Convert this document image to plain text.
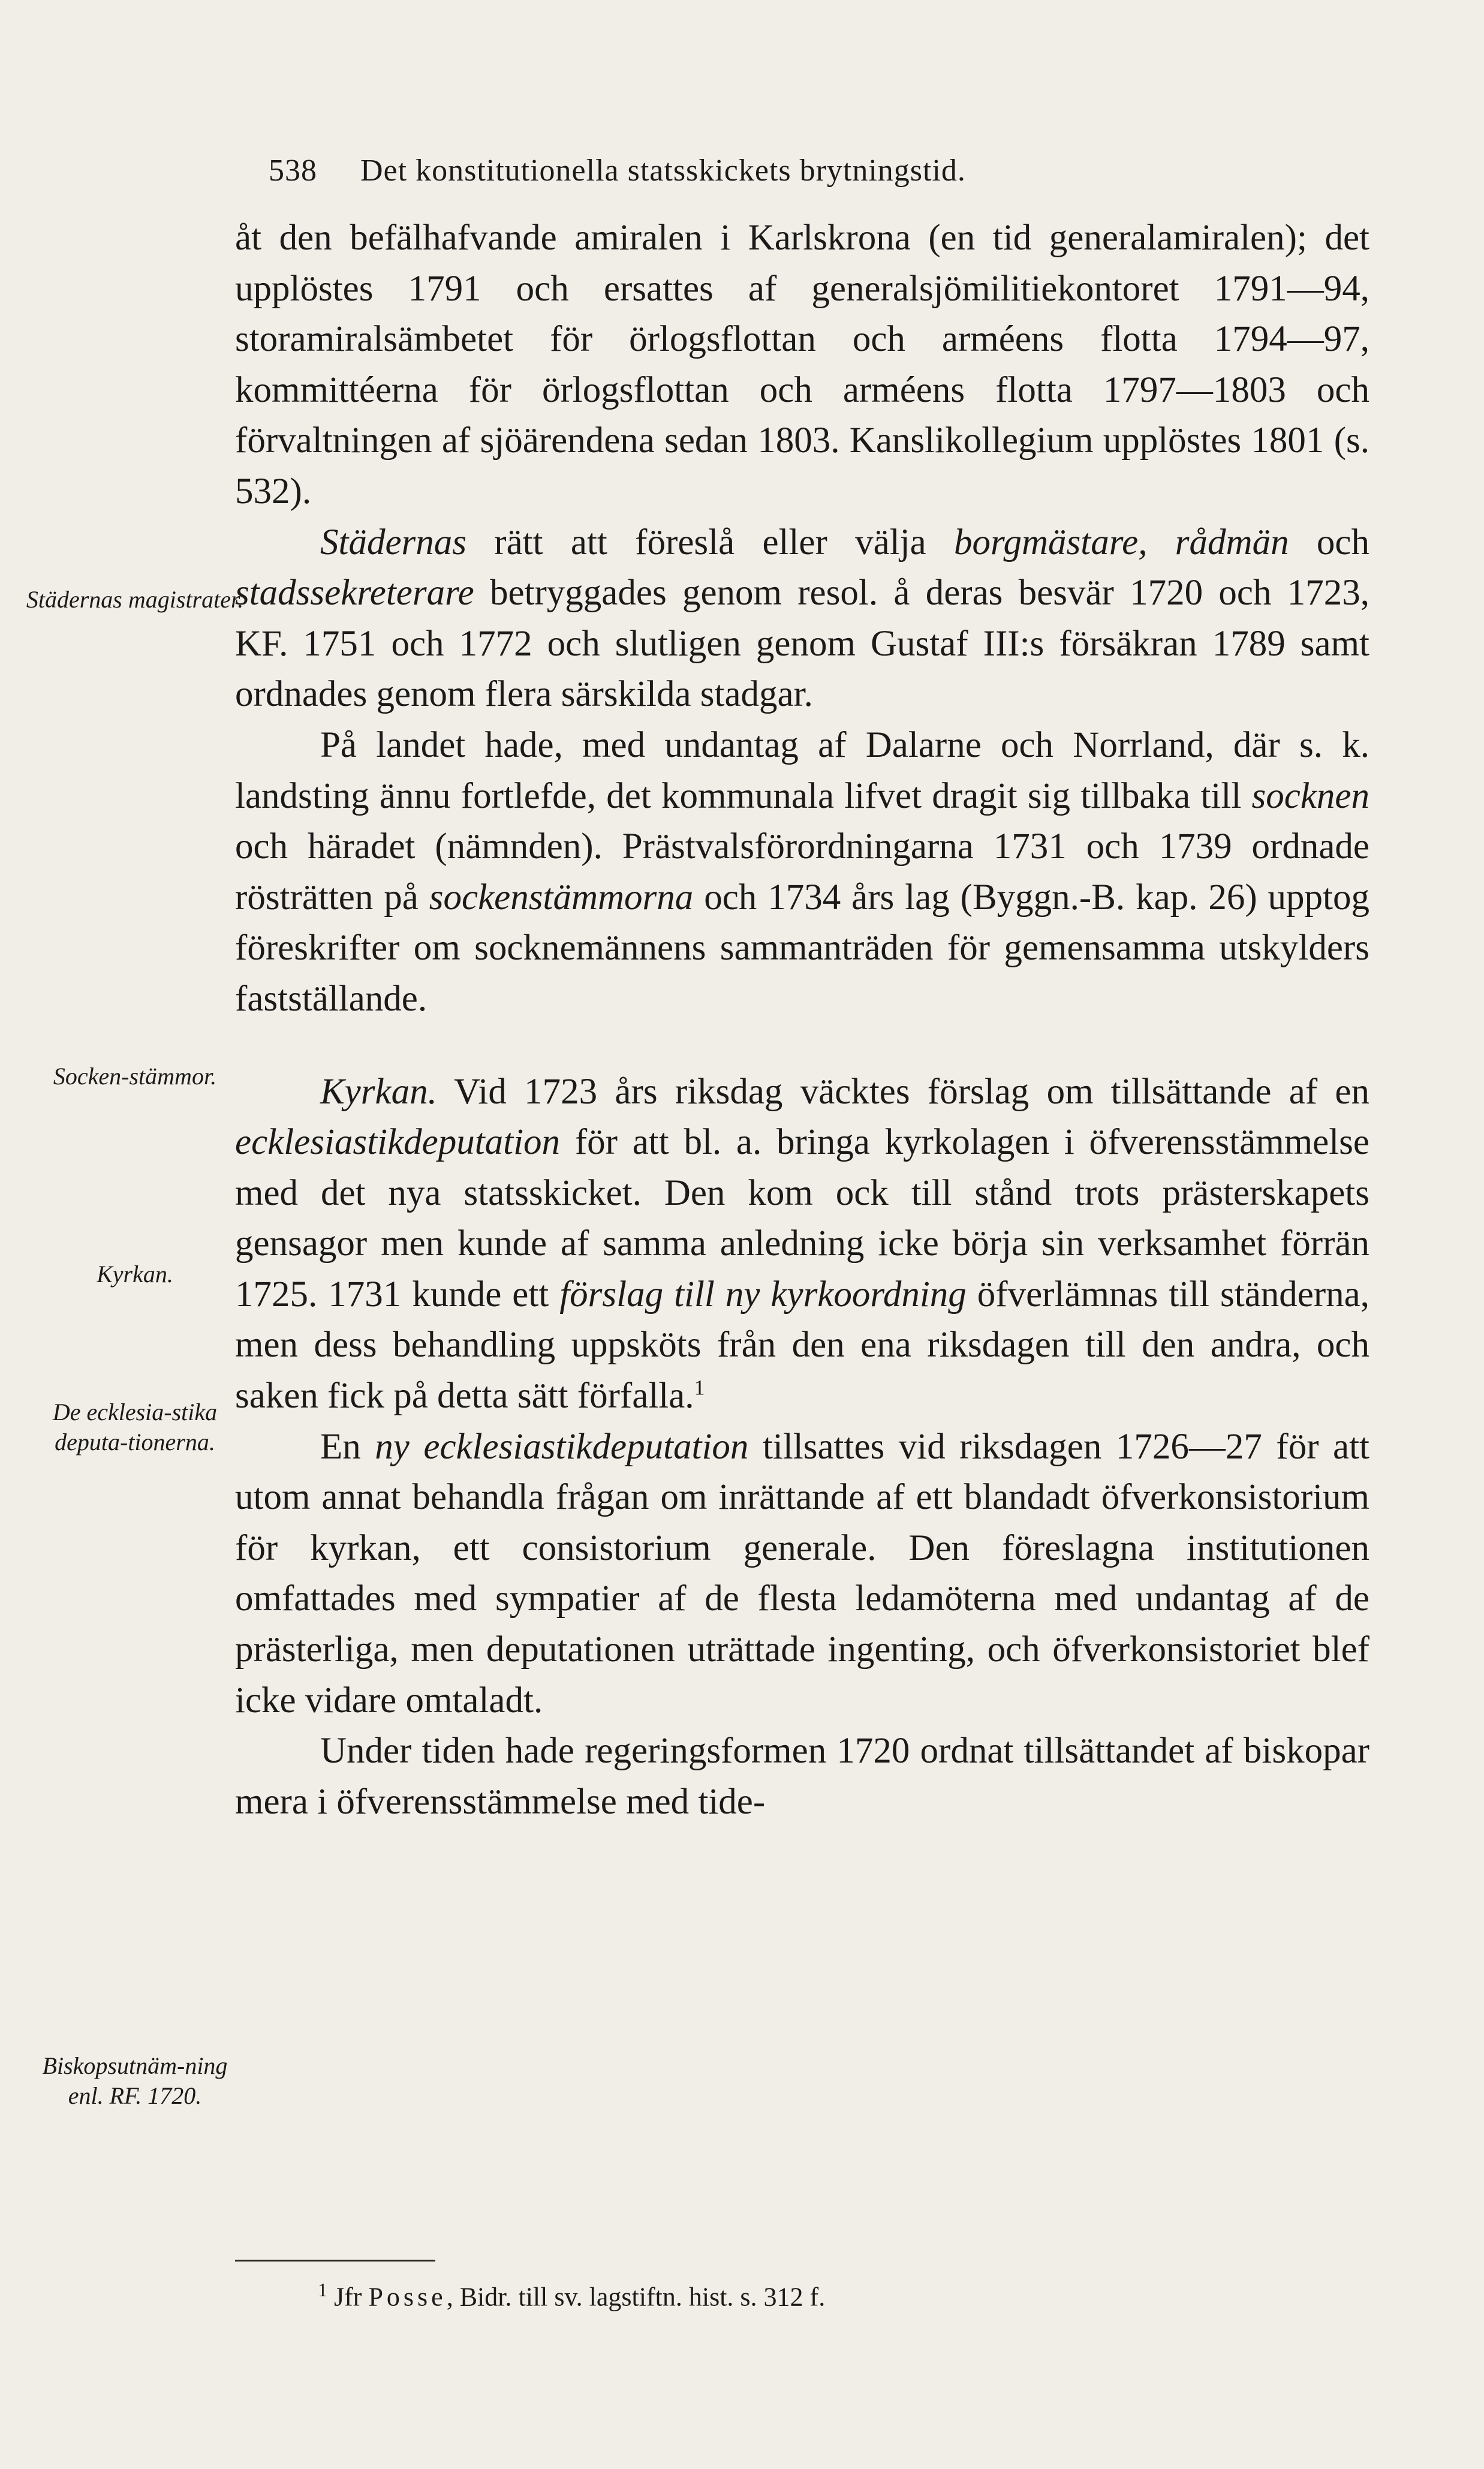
538 Det konstitutionella statsskickets brytningstid.
Städernas magistrater.
Socken-stämmor.
Kyrkan.
De ecklesia-stika deputa-tionerna.
Biskopsutnäm-ning enl. RF. 1720.

åt den befälhafvande amiralen i Karlskrona (en tid generalamiralen); det upplöstes 1791 och ersattes af generalsjömilitiekontoret 1791—94, storamiralsämbetet för örlogsflottan och arméens flotta 1794—97, kommittéerna för örlogsflottan och arméens flotta 1797—1803 och förvaltningen af sjöärendena sedan 1803. Kanslikollegium upplöstes 1801 (s. 532).

Städernas rätt att föreslå eller välja borgmästare, rådmän och stadssekreterare betryggades genom resol. å deras besvär 1720 och 1723, KF. 1751 och 1772 och slutligen genom Gustaf III:s försäkran 1789 samt ordnades genom flera särskilda stadgar.

På landet hade, med undantag af Dalarne och Norrland, där s. k. landsting ännu fortlefde, det kommunala lifvet dragit sig tillbaka till socknen och häradet (nämnden). Prästvalsförordningarna 1731 och 1739 ordnade rösträtten på sockenstämmorna och 1734 års lag (Byggn.-B. kap. 26) upptog föreskrifter om socknemännens sammanträden för gemensamma utskylders fastställande.

Kyrkan. Vid 1723 års riksdag väcktes förslag om tillsättande af en ecklesiastikdeputation för att bl. a. bringa kyrkolagen i öfverensstämmelse med det nya statsskicket. Den kom ock till stånd trots prästerskapets gensagor men kunde af samma anledning icke börja sin verksamhet förrän 1725. 1731 kunde ett förslag till ny kyrkoordning öfverlämnas till ständerna, men dess behandling uppsköts från den ena riksdagen till den andra, och saken fick på detta sätt förfalla.$^1$

En ny ecklesiastikdeputation tillsattes vid riksdagen 1726—27 för att utom annat behandla frågan om inrättande af ett blandadt öfverkonsistorium för kyrkan, ett consistorium generale. Den föreslagna institutionen omfattades med sympatier af de flesta ledamöterna med undantag af de prästerliga, men deputationen uträttade ingenting, och öfverkonsistoriet blef icke vidare omtaladt.

Under tiden hade regeringsformen 1720 ordnat tillsättandet af biskopar mera i öfverensstämmelse med tide-

$^1$ Jfr Posse, Bidr. till sv. lagstiftn. hist. s. 312 f.
